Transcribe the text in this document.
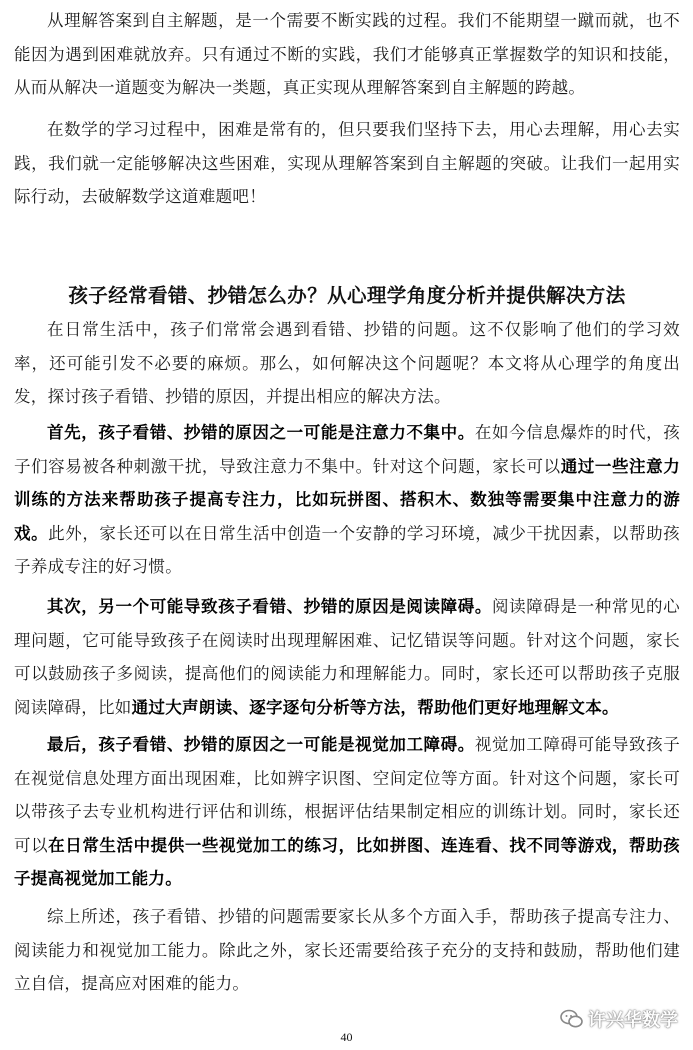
从理解答案到自主解题，是一个需要不断实践的过程。我们不能期望一蹴而就，也不能因为遇到困难就放弃。只有通过不断的实践，我们才能够真正掌握数学的知识和技能，从而从解决一道题变为解决一类题，真正实现从理解答案到自主解题的跨越。

在数学的学习过程中，困难是常有的，但只要我们坚持下去，用心去理解，用心去实践，我们就一定能够解决这些困难，实现从理解答案到自主解题的突破。让我们一起用实际行动，去破解数学这道难题吧！

孩子经常看错、抄错怎么办？从心理学角度分析并提供解决方法

在日常生活中，孩子们常常会遇到看错、抄错的问题。这不仅影响了他们的学习效率，还可能引发不必要的麻烦。那么，如何解决这个问题呢？本文将从心理学的角度出发，探讨孩子看错、抄错的原因，并提出相应的解决方法。

首先，孩子看错、抄错的原因之一可能是注意力不集中。在如今信息爆炸的时代，孩子们容易被各种刺激干扰，导致注意力不集中。针对这个问题，家长可以通过一些注意力训练的方法来帮助孩子提高专注力，比如玩拼图、搭积木、数独等需要集中注意力的游戏。此外，家长还可以在日常生活中创造一个安静的学习环境，减少干扰因素，以帮助孩子养成专注的好习惯。

其次，另一个可能导致孩子看错、抄错的原因是阅读障碍。阅读障碍是一种常见的心理问题，它可能导致孩子在阅读时出现理解困难、记忆错误等问题。针对这个问题，家长可以鼓励孩子多阅读，提高他们的阅读能力和理解能力。同时，家长还可以帮助孩子克服阅读障碍，比如通过大声朗读、逐字逐句分析等方法，帮助他们更好地理解文本。

最后，孩子看错、抄错的原因之一可能是视觉加工障碍。视觉加工障碍可能导致孩子在视觉信息处理方面出现困难，比如辨字识图、空间定位等方面。针对这个问题，家长可以带孩子去专业机构进行评估和训练，根据评估结果制定相应的训练计划。同时，家长还可以在日常生活中提供一些视觉加工的练习，比如拼图、连连看、找不同等游戏，帮助孩子提高视觉加工能力。

综上所述，孩子看错、抄错的问题需要家长从多个方面入手，帮助孩子提高专注力、阅读能力和视觉加工能力。除此之外，家长还需要给孩子充分的支持和鼓励，帮助他们建立自信，提高应对困难的能力。

许兴华数学
40
